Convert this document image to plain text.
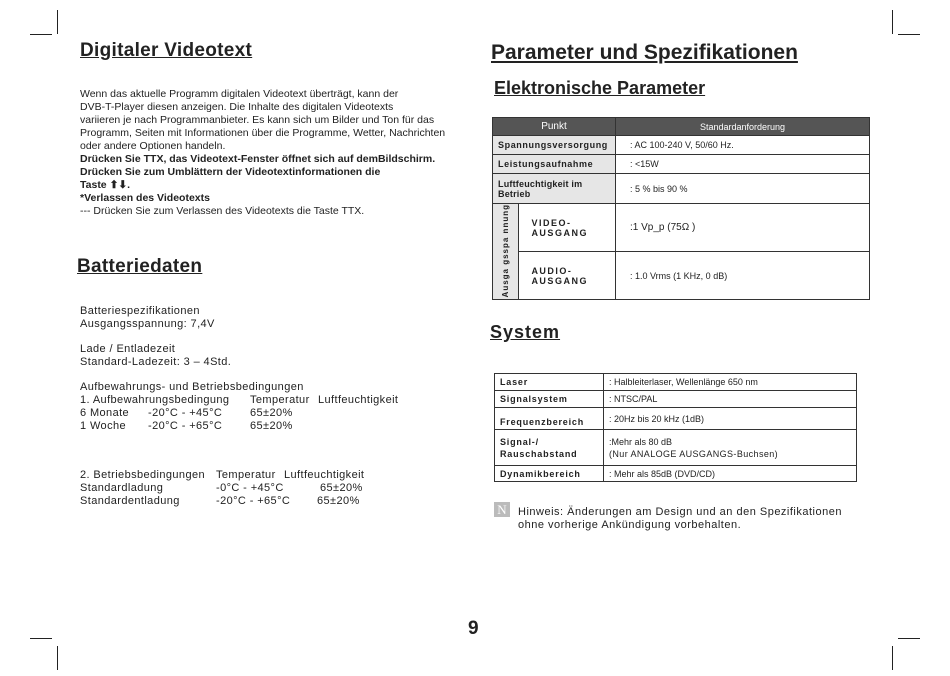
Digitaler Videotext
Wenn das aktuelle Programm digitalen Videotext überträgt, kann der
DVB-T-Player diesen anzeigen. Die Inhalte des digitalen Videotexts
variieren je nach Programmanbieter. Es kann sich um Bilder und Ton für das
Programm, Seiten mit Informationen über die Programme, Wetter, Nachrichten
oder andere Optionen handeln.
Drücken Sie TTX, das Videotext-Fenster öffnet sich auf demBildschirm.
Drücken Sie zum Umblättern der Videotextinformationen die
Taste ⬆⬇.
*Verlassen des Videotexts
--- Drücken Sie zum Verlassen des Videotexts die Taste TTX.
Batteriedaten
Batteriespezifikationen
Ausgangsspannung: 7,4V
Lade / Entladezeit
Standard-Ladezeit: 3 – 4Std.
Aufbewahrungs- und Betriebsbedingungen
1. Aufbewahrungsbedingung Temperatur Luftfeuchtigkeit
6 Monate -20°C - +45°C	65±20%
1 Woche -20°C - +65°C	65±20%
2. Betriebsbedingungen Temperatur Luftfeuchtigkeit
Standardladung	-0°C - +45°C	65±20%
Standardentladung	-20°C - +65°C 65±20%
Parameter und Spezifikationen
Elektronische Parameter
Punkt		Standardanforderung
Spannungsversorgung		: AC 100-240 V, 50/60 Hz.
Leistungsaufnahme		: <15W
Luftfeuchtigkeit im Betrieb		: 5 % bis 90 %
Ausga gsspa nnung	VIDEO-AUSGANG	:1 Vp_p (75Ω )
	AUDIO-AUSGANG	: 1.0 Vrms (1 KHz, 0 dB)
System
Laser	: Halbleiterlaser, Wellenlänge 650 nm
Signalsystem	: NTSC/PAL
Frequenzbereich	: 20Hz bis 20 kHz (1dB)
Signal-/ Rauschabstand	:Mehr als 80 dB
(Nur ANALOGE AUSGANGS-Buchsen)

Dynamikbereich	: Mehr als 85dB (DVD/CD)
N	Hinweis: Änderungen am Design und an den Spezifikationen
ohne vorherige Ankündigung vorbehalten.
9
